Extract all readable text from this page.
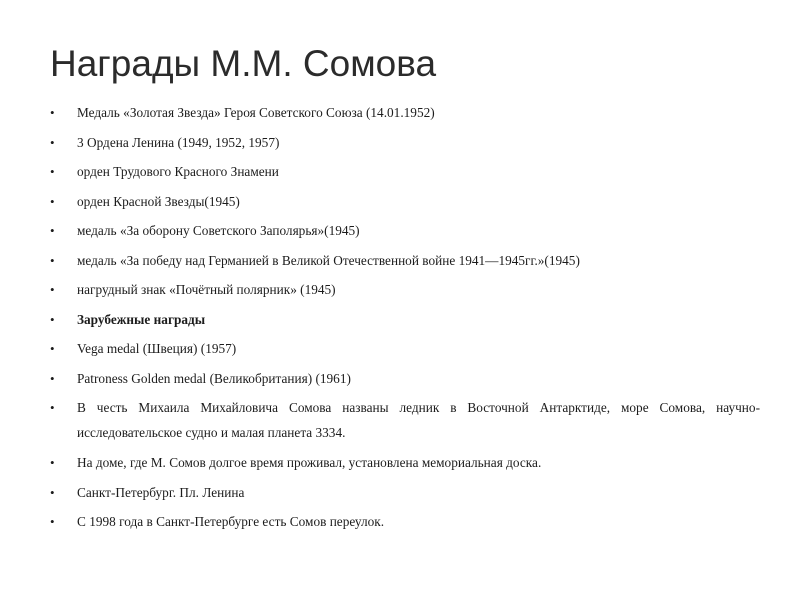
Награды М.М. Сомова
•	Медаль «Золотая Звезда» Героя Советского Союза (14.01.1952)
•	3 Ордена Ленина (1949, 1952, 1957)
•	орден Трудового Красного Знамени
•	орден Красной Звезды(1945)
•	медаль «За оборону Советского Заполярья»(1945)
•	медаль «За победу над Германией в Великой Отечественной войне 1941—1945гг.»(1945)
•	нагрудный знак «Почётный полярник» (1945)
•	Зарубежные награды
•	Vega medal (Швеция) (1957)
•	Patroness Golden medal (Великобритания) (1961)
•	В честь Михаила Михайловича Сомова названы ледник в Восточной Антарктиде, море Сомова, научно-исследовательское судно и малая планета 3334.
•	На доме, где М. Сомов долгое время проживал, установлена мемориальная доска.
•	Санкт-Петербург. Пл. Ленина
•	С 1998 года в Санкт-Петербурге есть Сомов переулок.
